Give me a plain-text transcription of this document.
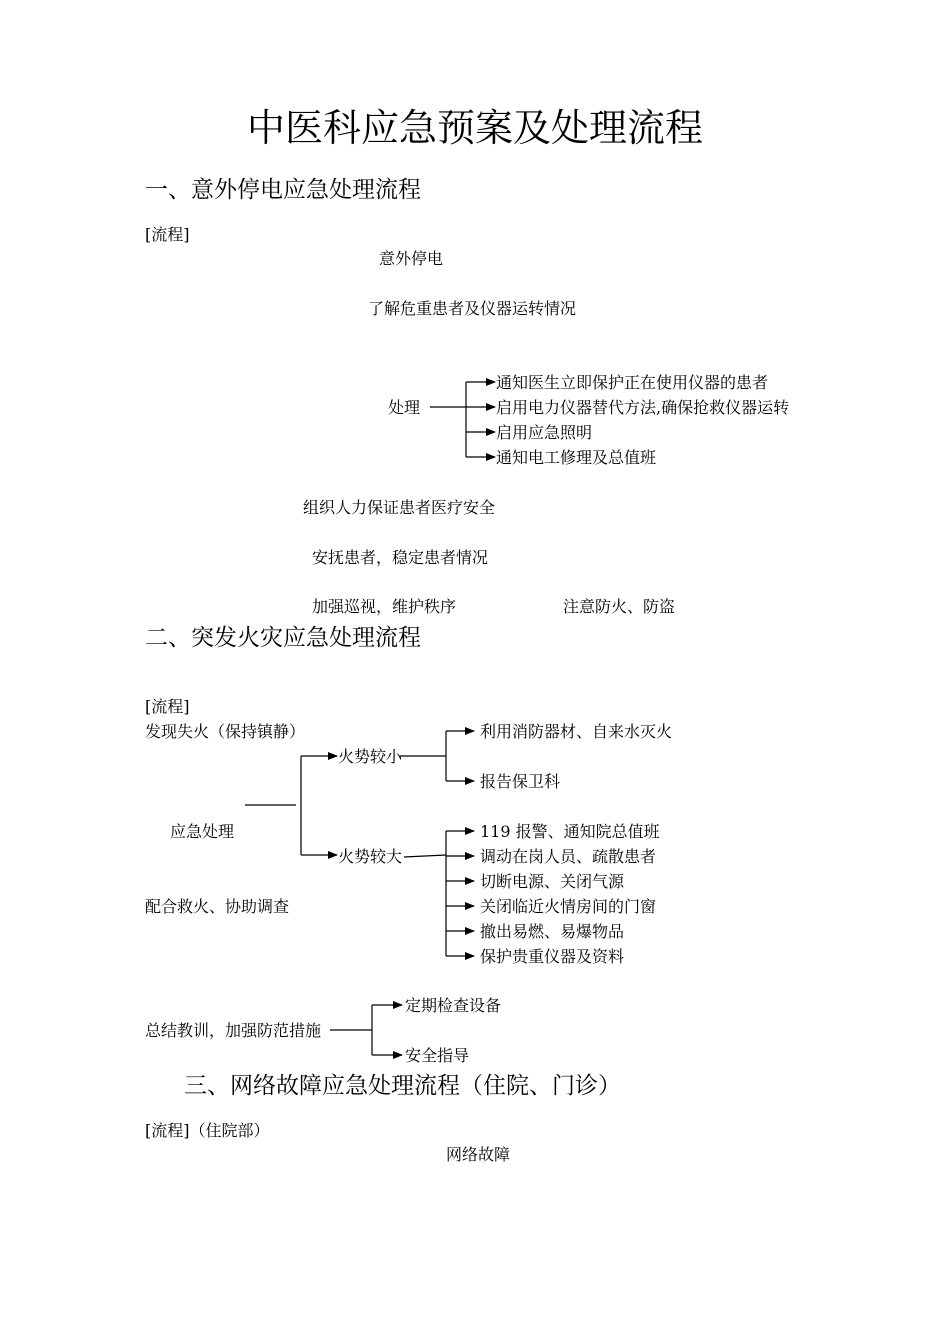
中医科应急预案及处理流程
一、意外停电应急处理流程
[流程]
意外停电
了解危重患者及仪器运转情况
处理
通知医生立即保护正在使用仪器的患者
启用电力仪器替代方法,确保抢救仪器运转
启用应急照明
通知电工修理及总值班
组织人力保证患者医疗安全
安抚患者，稳定患者情况
加强巡视，维护秩序	注意防火、防盗
二、突发火灾应急处理流程
[流程]
发现失火（保持镇静）
火势较小
利用消防器材、自来水灭火
报告保卫科
应急处理
火势较大
119 报警、通知院总值班
调动在岗人员、疏散患者
切断电源、关闭气源
关闭临近火情房间的门窗
撤出易燃、易爆物品
保护贵重仪器及资料
配合救火、协助调查
总结教训，加强防范措施
定期检查设备
安全指导
三、网络故障应急处理流程（住院、门诊）
[流程]（住院部）
网络故障
